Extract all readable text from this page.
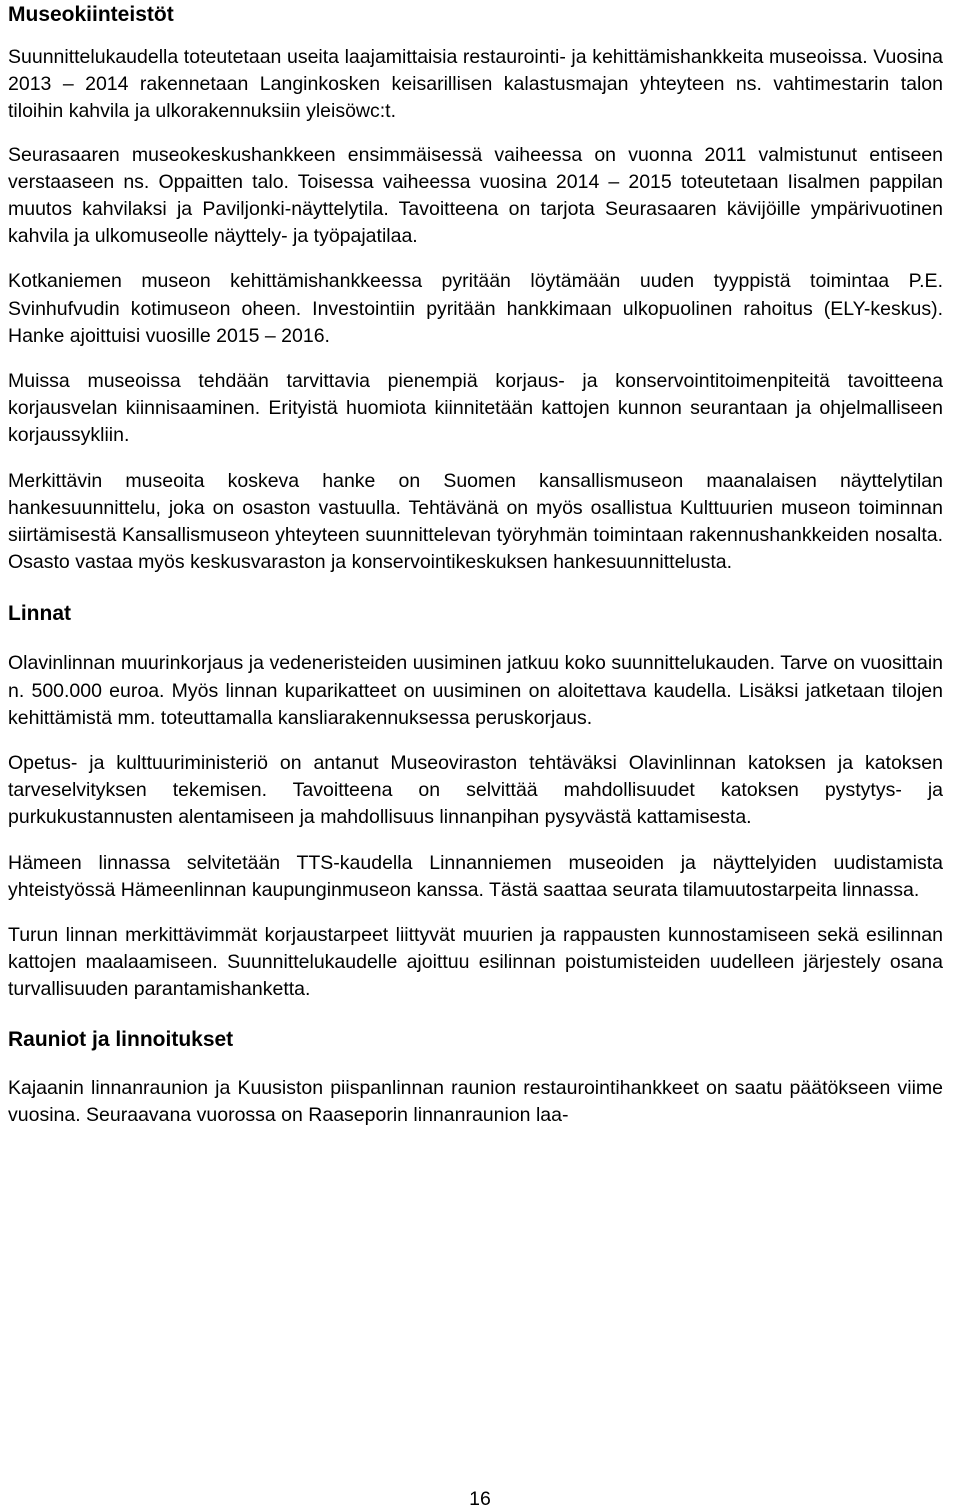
Museokiinteistöt

Suunnittelukaudella toteutetaan useita laajamittaisia restaurointi- ja kehittämishankkeita museoissa. Vuosina 2013 – 2014 rakennetaan Langinkosken keisarillisen kalastusmajan yhteyteen ns. vahtimestarin talon tiloihin kahvila ja ulkorakennuksiin yleisöwc:t.

Seurasaaren museokeskushankkeen ensimmäisessä vaiheessa on vuonna 2011 valmistunut entiseen verstaaseen ns. Oppaitten talo. Toisessa vaiheessa vuosina 2014 – 2015 toteutetaan Iisalmen pappilan muutos kahvilaksi ja Paviljonki-näyttelytila. Tavoitteena on tarjota Seurasaaren kävijöille ympärivuotinen kahvila ja ulkomuseolle näyttely- ja työpajatilaa.

Kotkaniemen museon kehittämishankkeessa pyritään löytämään uuden tyyppistä toimintaa P.E. Svinhufvudin kotimuseon oheen. Investointiin pyritään hankkimaan ulkopuolinen rahoitus (ELY-keskus). Hanke ajoittuisi vuosille 2015 – 2016.

Muissa museoissa tehdään tarvittavia pienempiä korjaus- ja konservointitoimenpiteitä tavoitteena korjausvelan kiinnisaaminen. Erityistä huomiota kiinnitetään kattojen kunnon seurantaan ja ohjelmalliseen korjaussykliin.

Merkittävin museoita koskeva hanke on Suomen kansallismuseon maanalaisen näyttelytilan hankesuunnittelu, joka on osaston vastuulla. Tehtävänä on myös osallistua Kulttuurien museon toiminnan siirtämisestä Kansallismuseon yhteyteen suunnittelevan työryhmän toimintaan rakennushankkeiden nosalta. Osasto vastaa myös keskusvaraston ja konservointikeskuksen hankesuunnittelusta.

Linnat

Olavinlinnan muurinkorjaus ja vedeneristeiden uusiminen jatkuu koko suunnittelukauden. Tarve on vuosittain n. 500.000 euroa. Myös linnan kuparikatteet on uusiminen on aloitettava kaudella. Lisäksi jatketaan tilojen kehittämistä mm. toteuttamalla kansliarakennuksessa peruskorjaus.

Opetus- ja kulttuuriministeriö on antanut Museoviraston tehtäväksi Olavinlinnan katoksen ja katoksen tarveselvityksen tekemisen. Tavoitteena on selvittää mahdollisuudet katoksen pystytys- ja purkukustannusten alentamiseen ja mahdollisuus linnanpihan pysyvästä kattamisesta.

Hämeen linnassa selvitetään TTS-kaudella Linnanniemen museoiden ja näyttelyiden uudistamista yhteistyössä Hämeenlinnan kaupunginmuseon kanssa. Tästä saattaa seurata tilamuutostarpeita linnassa.

Turun linnan merkittävimmät korjaustarpeet liittyvät muurien ja rappausten kunnostamiseen sekä esilinnan kattojen maalaamiseen. Suunnittelukaudelle ajoittuu esilinnan poistumisteiden uudelleen järjestely osana turvallisuuden parantamishanketta.

Rauniot ja linnoitukset

Kajaanin linnanraunion ja Kuusiston piispanlinnan raunion restaurointihankkeet on saatu päätökseen viime vuosina. Seuraavana vuorossa on Raaseporin linnanraunion laa-

16
